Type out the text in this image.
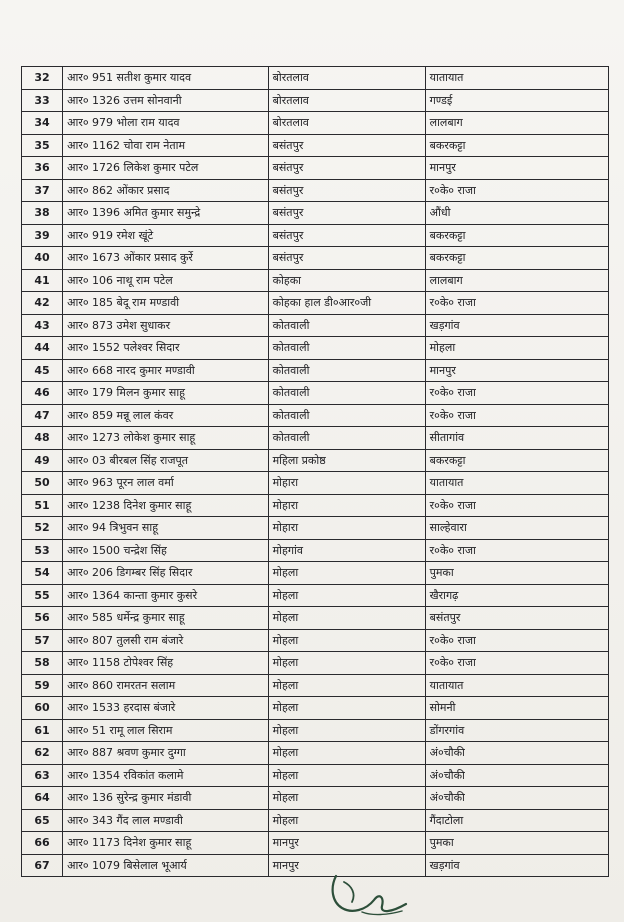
32	आर० 951 सतीश कुमार यादव	बोरतलाव	यातायात
33	आर० 1326 उत्तम सोनवानी	बोरतलाव	गण्डई
34	आर० 979 भोला राम यादव	बोरतलाव	लालबाग
35	आर० 1162 चोवा राम नेताम	बसंतपुर	बकरकट्टा
36	आर० 1726 लिकेश कुमार पटेल	बसंतपुर	मानपुर
37	आर० 862 ओंकार प्रसाद	बसंतपुर	र०के० राजा
38	आर० 1396 अमित कुमार समुन्द्रे	बसंतपुर	औंधी
39	आर० 919 रमेश खूंटे	बसंतपुर	बकरकट्टा
40	आर० 1673 ओंकार प्रसाद कुर्रे	बसंतपुर	बकरकट्टा
41	आर० 106 नाथू राम पटेल	कोहका	लालबाग
42	आर० 185 बेदू राम मण्डावी	कोहका हाल डी०आर०जी	र०के० राजा
43	आर० 873 उमेश सुधाकर	कोतवाली	खड़गांव
44	आर० 1552 पलेश्वर सिदार	कोतवाली	मोहला
45	आर० 668 नारद कुमार मण्डावी	कोतवाली	मानपुर
46	आर० 179 मिलन कुमार साहू	कोतवाली	र०के० राजा
47	आर० 859 मन्नू लाल कंवर	कोतवाली	र०के० राजा
48	आर० 1273 लोकेश कुमार साहू	कोतवाली	सीतागांव
49	आर० 03 बीरबल सिंह राजपूत	महिला प्रकोष्ठ	बकरकट्टा
50	आर० 963 पूरन लाल वर्मा	मोहारा	यातायात
51	आर० 1238 दिनेश कुमार साहू	मोहारा	र०के० राजा
52	आर० 94 त्रिभुवन साहू	मोहारा	साल्हेवारा
53	आर० 1500 चन्द्रेश सिंह	मोहगांव	र०के० राजा
54	आर० 206 डिगम्बर सिंह सिदार	मोहला	पुमका
55	आर० 1364 कान्ता कुमार कुसरे	मोहला	खैरागढ़
56	आर० 585 धर्मेन्द्र कुमार साहू	मोहला	बसंतपुर
57	आर० 807 तुलसी राम बंजारे	मोहला	र०के० राजा
58	आर० 1158 टोपेश्वर सिंह	मोहला	र०के० राजा
59	आर० 860 रामरतन सलाम	मोहला	यातायात
60	आर० 1533 हरदास बंजारे	मोहला	सोमनी
61	आर० 51 रामू लाल सिराम	मोहला	डोंगरगांव
62	आर० 887 श्रवण कुमार दुग्गा	मोहला	अं०चौकी
63	आर० 1354 रविकांत कलामे	मोहला	अं०चौकी
64	आर० 136 सुरेन्द्र कुमार मंडावी	मोहला	अं०चौकी
65	आर० 343 गैंद लाल मण्डावी	मोहला	गैंदाटोला
66	आर० 1173 दिनेश कुमार साहू	मानपुर	पुमका
67	आर० 1079 बिसेलाल भूआर्य	मानपुर	खड़गांव
